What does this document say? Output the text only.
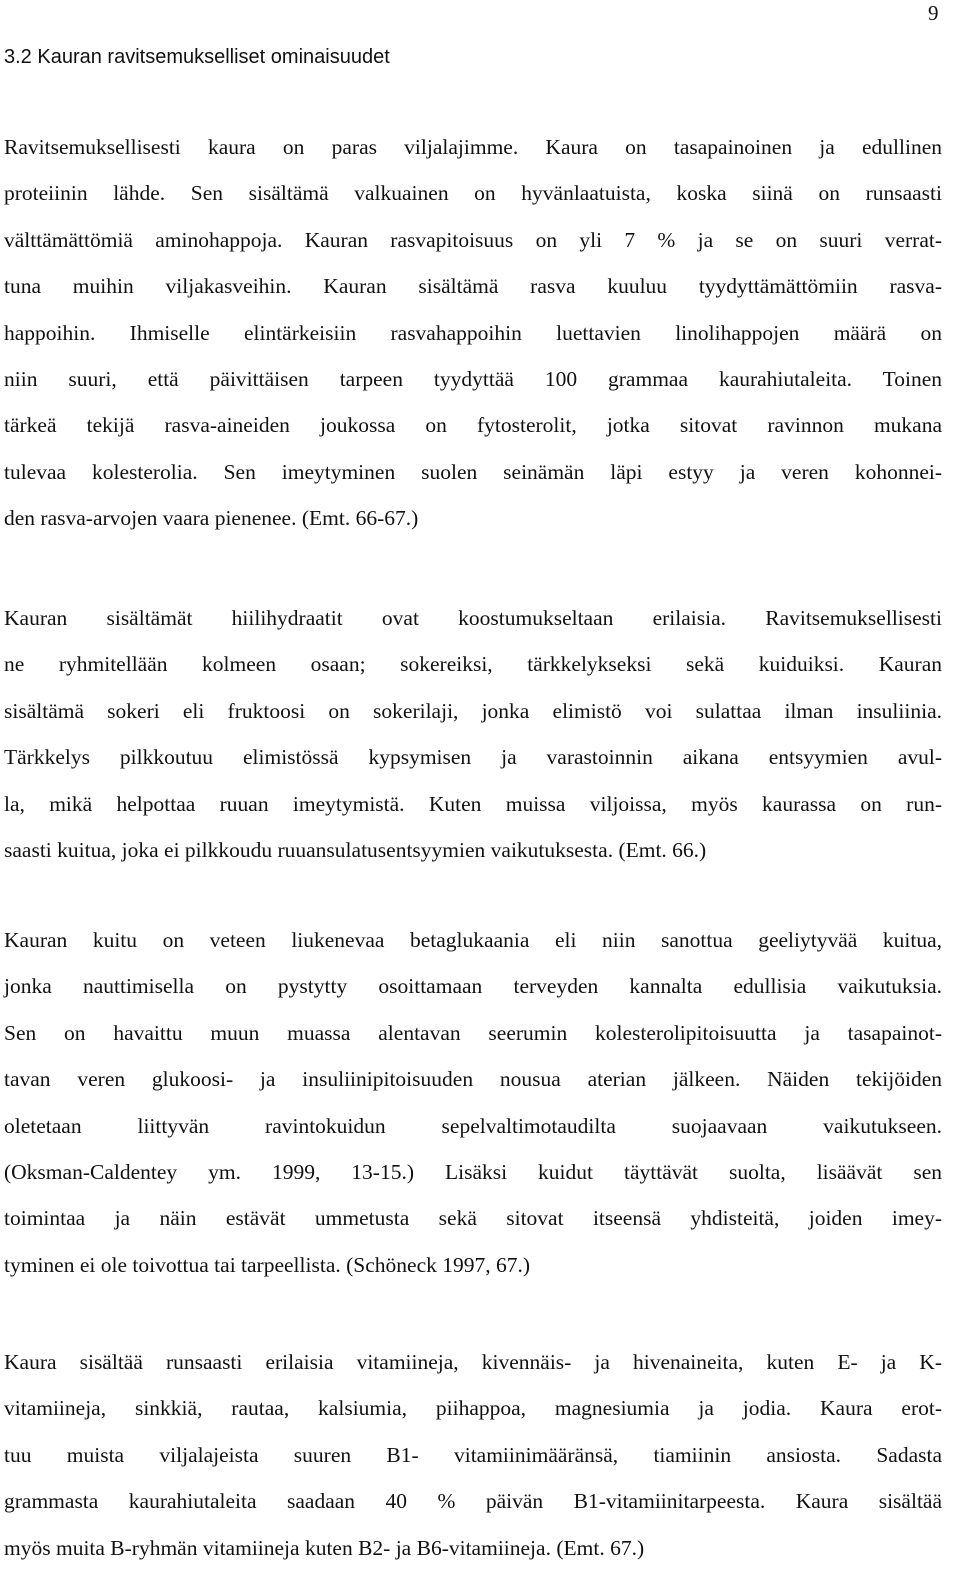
9
3.2 Kauran ravitsemukselliset ominaisuudet
Ravitsemuksellisesti kaura on paras viljalajimme. Kaura on tasapainoinen ja edullinen
proteiinin lähde. Sen sisältämä valkuainen on hyvänlaatuista, koska siinä on runsaasti
välttämättömiä aminohappoja. Kauran rasvapitoisuus on yli 7 % ja se on suuri verrat-
tuna muihin viljakasveihin. Kauran sisältämä rasva kuuluu tyydyttämättömiin rasva-
happoihin. Ihmiselle elintärkeisiin rasvahappoihin luettavien linolihappojen määrä on
niin suuri, että päivittäisen tarpeen tyydyttää 100 grammaa kaurahiutaleita. Toinen
tärkeä tekijä rasva-aineiden joukossa on fytosterolit, jotka sitovat ravinnon mukana
tulevaa kolesterolia. Sen imeytyminen suolen seinämän läpi estyy ja veren kohonnei-
den rasva-arvojen vaara pienenee. (Emt. 66-67.)
Kauran sisältämät hiilihydraatit ovat koostumukseltaan erilaisia. Ravitsemuksellisesti
ne ryhmitellään kolmeen osaan; sokereiksi, tärkkelykseksi sekä kuiduiksi. Kauran
sisältämä sokeri eli fruktoosi on sokerilaji, jonka elimistö voi sulattaa ilman insuliinia.
Tärkkelys pilkkoutuu elimistössä kypsymisen ja varastoinnin aikana entsyymien avul-
la, mikä helpottaa ruuan imeytymistä. Kuten muissa viljoissa, myös kaurassa on run-
saasti kuitua, joka ei pilkkoudu ruuansulatusentsyymien vaikutuksesta. (Emt. 66.)
Kauran kuitu on veteen liukenevaa betaglukaania eli niin sanottua geeliytyvää kuitua,
jonka nauttimisella on pystytty osoittamaan terveyden kannalta edullisia vaikutuksia.
Sen on havaittu muun muassa alentavan seerumin kolesterolipitoisuutta ja tasapainot-
tavan veren glukoosi- ja insuliinipitoisuuden nousua aterian jälkeen. Näiden tekijöiden
oletetaan liittyvän ravintokuidun sepelvaltimotaudilta suojaavaan vaikutukseen.
(Oksman-Caldentey ym. 1999, 13-15.) Lisäksi kuidut täyttävät suolta, lisäävät sen
toimintaa ja näin estävät ummetusta sekä sitovat itseensä yhdisteitä, joiden imey-
tyminen ei ole toivottua tai tarpeellista. (Schöneck 1997, 67.)
Kaura sisältää runsaasti erilaisia vitamiineja, kivennäis- ja hivenaineita, kuten E- ja K-
vitamiineja, sinkkiä, rautaa, kalsiumia, piihappoa, magnesiumia ja jodia. Kaura erot-
tuu muista viljalajeista suuren B1- vitamiinimääränsä, tiamiinin ansiosta. Sadasta
grammasta kaurahiutaleita saadaan 40 % päivän B1-vitamiinitarpeesta. Kaura sisältää
myös muita B-ryhmän vitamiineja kuten B2- ja B6-vitamiineja. (Emt. 67.)
